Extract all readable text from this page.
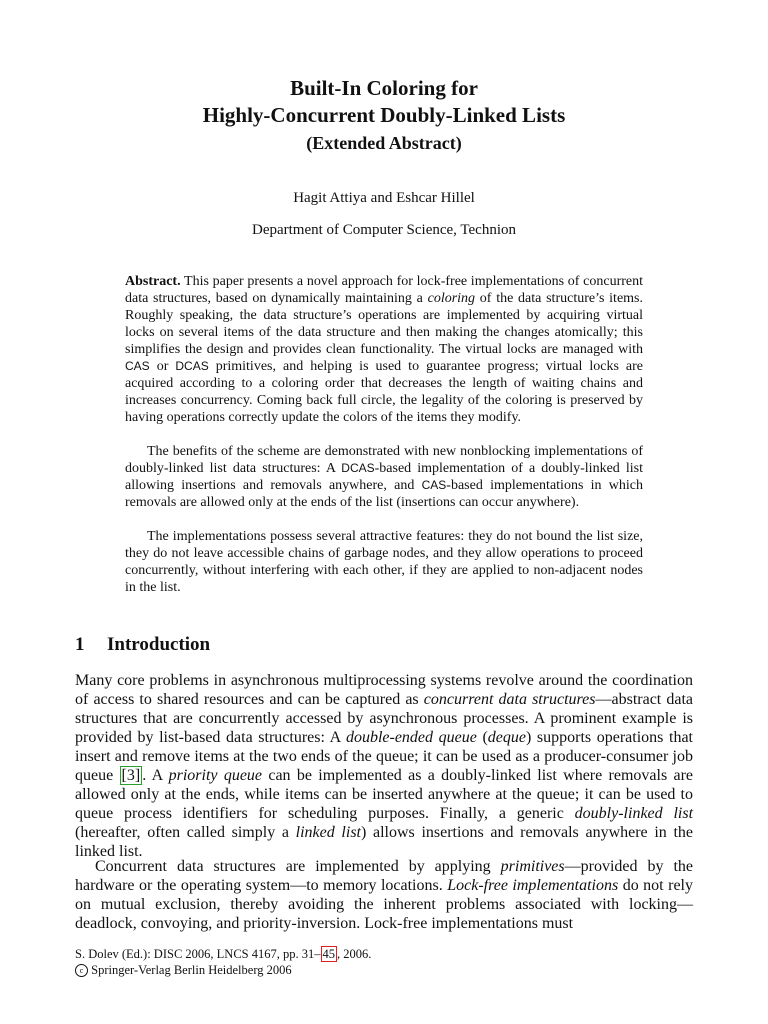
Built-In Coloring for
Highly-Concurrent Doubly-Linked Lists
(Extended Abstract)
Hagit Attiya and Eshcar Hillel
Department of Computer Science, Technion

Abstract. This paper presents a novel approach for lock-free implementations of concurrent data structures, based on dynamically maintaining a coloring of the data structure’s items. Roughly speaking, the data structure’s operations are implemented by acquiring virtual locks on several items of the data structure and then making the changes atomically; this simplifies the design and provides clean functionality. The virtual locks are managed with CAS or DCAS primitives, and helping is used to guarantee progress; virtual locks are acquired according to a coloring order that decreases the length of waiting chains and increases concurrency. Coming back full circle, the legality of the coloring is preserved by having operations correctly update the colors of the items they modify.

The benefits of the scheme are demonstrated with new nonblocking implementations of doubly-linked list data structures: A DCAS-based implementation of a doubly-linked list allowing insertions and removals anywhere, and CAS-based implementations in which removals are allowed only at the ends of the list (insertions can occur anywhere).

The implementations possess several attractive features: they do not bound the list size, they do not leave accessible chains of garbage nodes, and they allow operations to proceed concurrently, without interfering with each other, if they are applied to non-adjacent nodes in the list.

1 Introduction

Many core problems in asynchronous multiprocessing systems revolve around the coordination of access to shared resources and can be captured as concurrent data structures—abstract data structures that are concurrently accessed by asynchronous processes. A prominent example is provided by list-based data structures: A double-ended queue (deque) supports operations that insert and remove items at the two ends of the queue; it can be used as a producer-consumer job queue [3] . A priority queue can be implemented as a doubly-linked list where removals are allowed only at the ends, while items can be inserted anywhere at the queue; it can be used to queue process identifiers for scheduling purposes. Finally, a generic doubly-linked list (hereafter, often called simply a linked list) allows insertions and removals anywhere in the linked list.

Concurrent data structures are implemented by applying primitives—provided by the hardware or the operating system—to memory locations. Lock-free implementations do not rely on mutual exclusion, thereby avoiding the inherent problems associated with locking—deadlock, convoying, and priority-inversion. Lock-free implementations must

S. Dolev (Ed.): DISC 2006, LNCS 4167, pp. 31– 45 , 2006.

c Springer-Verlag Berlin Heidelberg 2006
